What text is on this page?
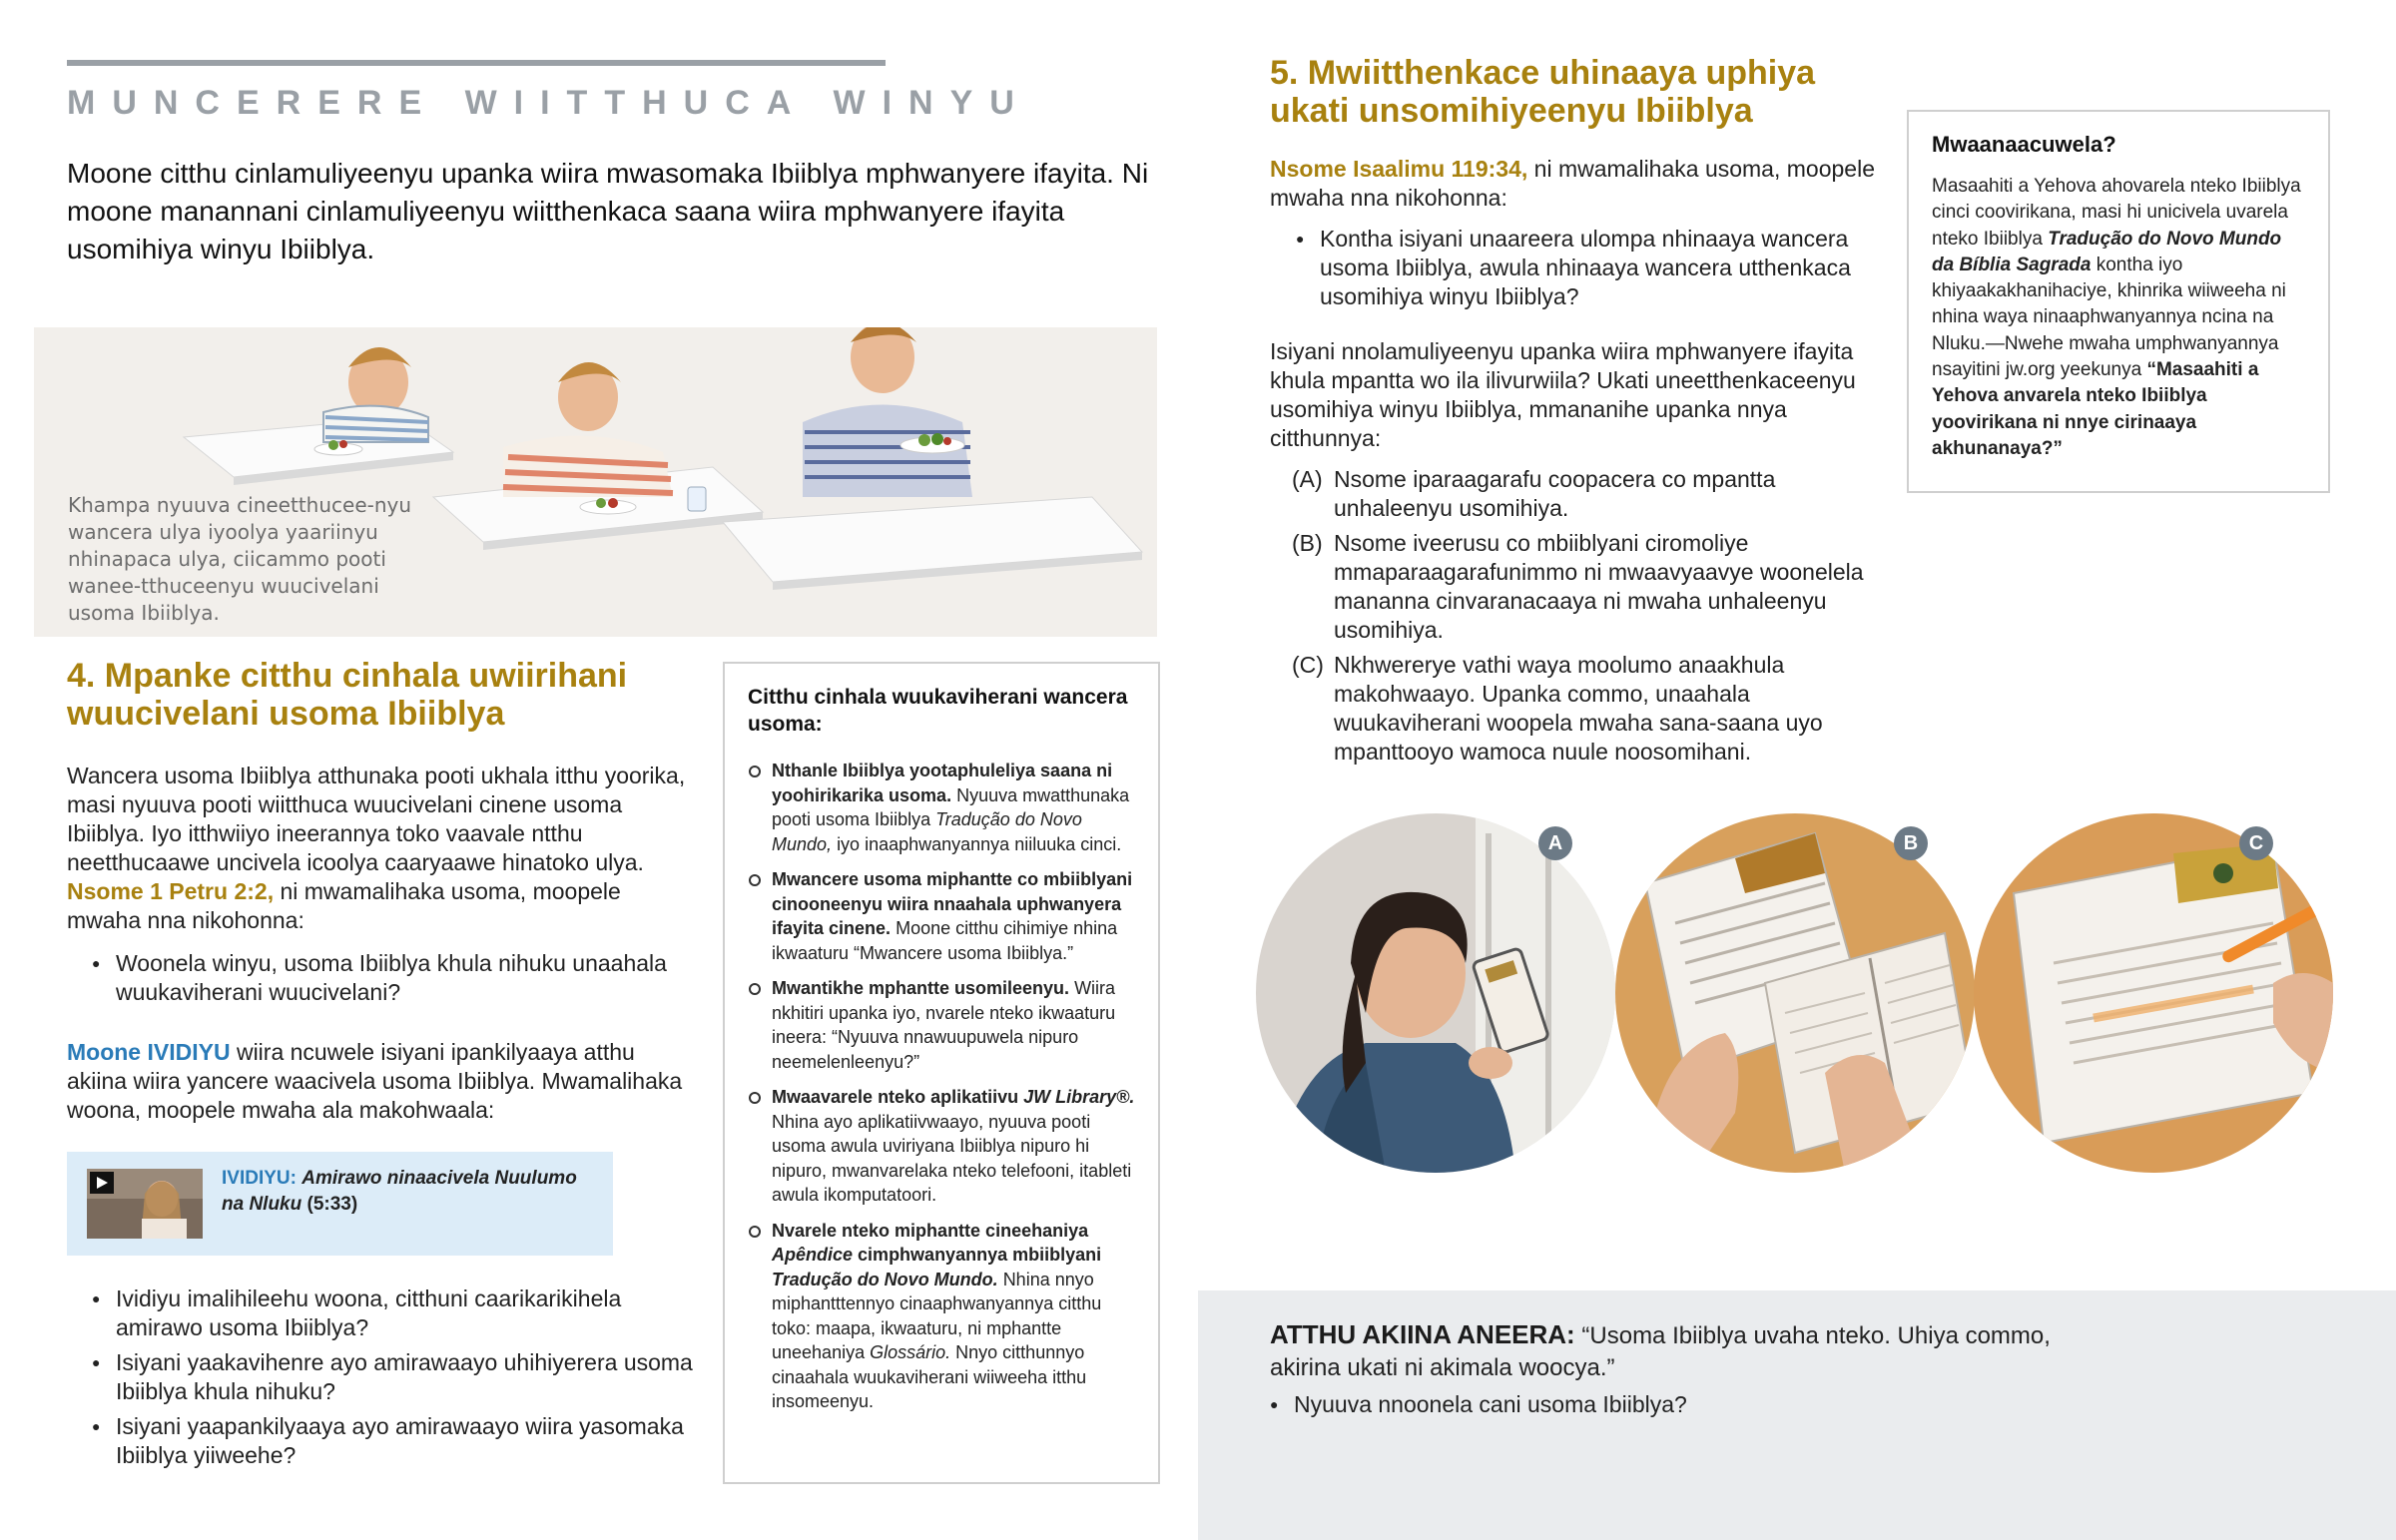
MUNCERERE WIITTHUCA WINYU
Moone citthu cinlamuliyeenyu upanka wiira mwasomaka Ibiiblya mphwanyere ifayita. Ni moone manannani cinlamuliyeenyu wiitthenkaca saana wiira mphwanyere ifayita usomihiya winyu Ibiiblya.
Khampa nyuuva cineetthucee-nyu wancera ulya iyoolya yaariinyu nhinapaca ulya, ciicammo pooti wanee-tthuceenyu wuucivelani usoma Ibiiblya.
4. Mpanke citthu cinhala uwiirihani wuucivelani usoma Ibiiblya
Wancera usoma Ibiiblya atthunaka pooti ukhala itthu yoorika, masi nyuuva pooti wiitthuca wuucivelani cinene usoma Ibiiblya. Iyo itthwiiyo ineerannya toko vaavale ntthu neetthucaawe uncivela icoolya caaryaawe hinatoko ulya. Nsome 1 Petru 2:2, ni mwamalihaka usoma, moopele mwaha nna nikohonna:
● Woonela winyu, usoma Ibiiblya khula nihuku unaahala wuukaviherani wuucivelani?
Moone IVIDIYU wiira ncuwele isiyani ipankilyaaya atthu akiina wiira yancere waacivela usoma Ibiiblya. Mwamalihaka woona, moopele mwaha ala makohwaala:
IVIDIYU: Amirawo ninaacivela Nuulumo na Nluku (5:33)
● Ividiyu imalihileehu woona, citthuni caarikarikihela amirawo usoma Ibiiblya?
● Isiyani yaakavihenre ayo amirawaayo uhihiyerera usoma Ibiiblya khula nihuku?
● Isiyani yaapankilyaaya ayo amirawaayo wiira yasomaka Ibiiblya yiiweehe?
Citthu cinhala wuukaviherani wancera usoma:
Nthanle Ibiiblya yootaphuleliya saana ni yoohirikarika usoma. Nyuuva mwatthunaka pooti usoma Ibiiblya Tradução do Novo Mundo, iyo inaaphwanyannya niiluuka cinci.
Mwancere usoma miphantte co mbiiblyani cinooneenyu wiira nnaahala uphwanyera ifayita cinene. Moone citthu cihimiye nhina ikwaaturu “Mwancere usoma Ibiiblya.”
Mwantikhe mphantte usomileenyu. Wiira nkhitiri upanka iyo, nvarele nteko ikwaaturu ineera: “Nyuuva nnawuupuwela nipuro neemelenleenyu?”
Mwaavarele nteko aplikatiivu JW Library®. Nhina ayo aplikatiivwaayo, nyuuva pooti usoma awula uviriyana Ibiiblya nipuro hi nipuro, mwanvarelaka nteko telefooni, itableti awula ikomputatoori.
Nvarele nteko miphantte cineehaniya Apêndice cimphwanyannya mbiiblyani Tradução do Novo Mundo. Nhina nnyo miphantttennyo cinaaphwanyannya citthu toko: maapa, ikwaaturu, ni mphantte uneehaniya Glossário. Nnyo citthunnyo cinaahala wuukaviherani wiiweeha itthu insomeenyu.
5. Mwiitthenkace uhinaaya uphiya ukati unsomihiyeenyu Ibiiblya
Nsome Isaalimu 119:34, ni mwamalihaka usoma, moopele mwaha nna nikohonna:
● Kontha isiyani unaareera ulompa nhinaaya wancera usoma Ibiiblya, awula nhinaaya wancera utthenkaca usomihiya winyu Ibiiblya?
Isiyani nnolamuliyeenyu upanka wiira mphwanyere ifayita khula mpantta wo ila ilivurwiila? Ukati uneetthenkaceenyu usomihiya winyu Ibiiblya, mmananihe upanka nnya citthunnya:
(A) Nsome iparaagarafu coopacera co mpantta unhaleenyu usomihiya.
(B) Nsome iveerusu co mbiiblyani ciromoliye mmaparaagarafunimmo ni mwaavyaavye woonelela mananna cinvaranacaaya ni mwaha unhaleenyu usomihiya.
(C) Nkhwereryе vathi waya moolumo anaakhula makohwaayo. Upanka commo, unaahala wuukaviherani woopela mwaha sana-saana uyo mpanttooyo wamoca nuule noosomihani.
Mwaanaacuwela?
Masaahiti a Yehova ahovarela nteko Ibiiblya cinci coovirikana, masi hi unicivela uvarela nteko Ibiiblya Tradução do Novo Mundo da Bíblia Sagrada kontha iyo khiyaakakhanihaciye, khinrika wiiweeha ni nhina waya ninaaphwanyannya ncina na Nluku.—Nwehe mwaha umphwanyannya nsayitini jw.org yeekunya “Masaahiti a Yehova anvarela nteko Ibiiblya yoovirikana ni nnye cirinaaya akhunanaya?”
A	B	C
ATTHU AKIINA ANEERA: “Usoma Ibiiblya uvaha nteko. Uhiya commo, akirina ukati ni akimala woocya.”
● Nyuuva nnoonela cani usoma Ibiiblya?
